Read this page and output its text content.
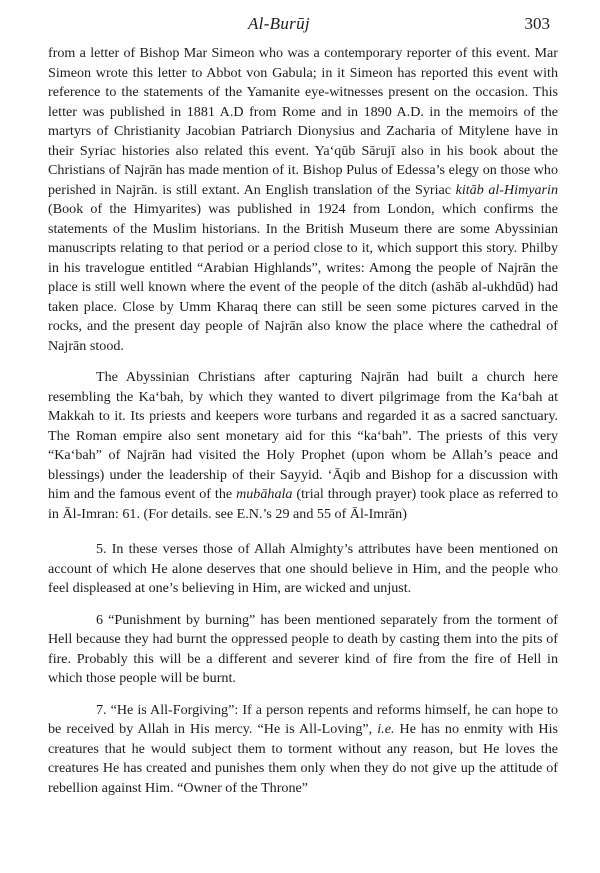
Al-Burūj	303

from a letter of Bishop Mar Simeon who was a contemporary reporter of this event. Mar Simeon wrote this letter to Abbot von Gabula; in it Simeon has reported this event with reference to the statements of the Yamanite eye-witnesses present on the occasion. This letter was published in 1881 A.D from Rome and in 1890 A.D. in the memoirs of the martyrs of Christianity Jacobian Patriarch Dionysius and Zacharia of Mitylene have in their Syriac histories also related this event. Ya‘qūb Sārujī also in his book about the Christians of Najrān has made mention of it. Bishop Pulus of Edessa’s elegy on those who perished in Najrān. is still extant. An English translation of the Syriac kitāb al-Himyarin (Book of the Himyarites) was published in 1924 from London, which confirms the statements of the Muslim historians. In the British Museum there are some Abyssinian manuscripts relating to that period or a period close to it, which support this story. Philby in his travelogue entitled “Arabian Highlands”, writes: Among the people of Najrān the place is still well known where the event of the people of the ditch (ashāb al-ukhdūd) had taken place. Close by Umm Kharaq there can still be seen some pictures carved in the rocks, and the present day people of Najrān also know the place where the cathedral of Najrān stood.

The Abyssinian Christians after capturing Najrān had built a church here resembling the Ka‘bah, by which they wanted to divert pilgrimage from the Ka‘bah at Makkah to it. Its priests and keepers wore turbans and regarded it as a sacred sanctuary. The Roman empire also sent monetary aid for this “ka‘bah”. The priests of this very “Ka‘bah” of Najrān had visited the Holy Prophet (upon whom be Allah’s peace and blessings) under the leadership of their Sayyid. ‘Āqib and Bishop for a discussion with him and the famous event of the mubāhala (trial through prayer) took place as referred to in Āl-Imran: 61. (For details. see E.N.’s 29 and 55 of Āl-Imrān)

5. In these verses those of Allah Almighty’s attributes have been mentioned on account of which He alone deserves that one should believe in Him, and the people who feel displeased at one’s believing in Him, are wicked and unjust.

6 “Punishment by burning” has been mentioned separately from the torment of Hell because they had burnt the oppressed people to death by casting them into the pits of fire. Probably this will be a different and severer kind of fire from the fire of Hell in which those people will be burnt.

7. “He is All-Forgiving”: If a person repents and reforms himself, he can hope to be received by Allah in His mercy. “He is All-Loving”, i.e. He has no enmity with His creatures that he would subject them to torment without any reason, but He loves the creatures He has created and punishes them only when they do not give up the attitude of rebellion against Him. “Owner of the Throne”
